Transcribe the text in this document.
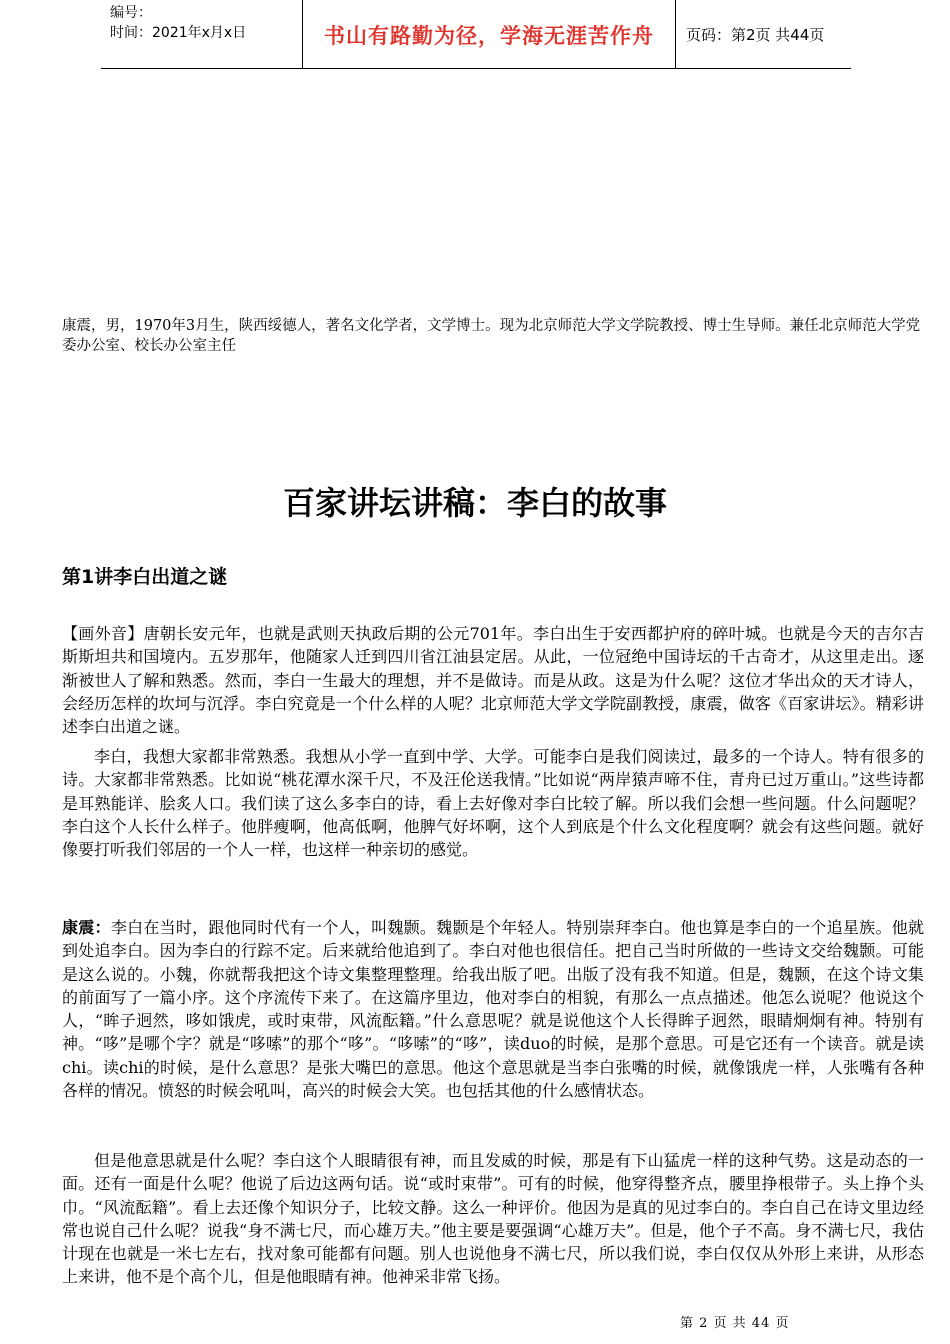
编号：
时间：2021年x月x日	书山有路勤为径，学海无涯苦作舟	页码：第2页 共44页
康震，男，1970年3月生，陕西绥德人，著名文化学者，文学博士。现为北京师范大学文学院教授、博士生导师。兼任北京师范大学党委办公室、校长办公室主任
百家讲坛讲稿：李白的故事
第1讲李白出道之谜
【画外音】唐朝长安元年，也就是武则天执政后期的公元701年。李白出生于安西都护府的碎叶城。也就是今天的吉尔吉斯斯坦共和国境内。五岁那年，他随家人迁到四川省江油县定居。从此，一位冠绝中国诗坛的千古奇才，从这里走出。逐渐被世人了解和熟悉。然而，李白一生最大的理想，并不是做诗。而是从政。这是为什么呢？这位才华出众的天才诗人，会经历怎样的坎坷与沉浮。李白究竟是一个什么样的人呢？北京师范大学文学院副教授，康震，做客《百家讲坛》。精彩讲述李白出道之谜。
李白，我想大家都非常熟悉。我想从小学一直到中学、大学。可能李白是我们阅读过，最多的一个诗人。特有很多的诗。大家都非常熟悉。比如说“桃花潭水深千尺，不及汪伦送我情。”比如说“两岸猿声啼不住，青舟已过万重山。”这些诗都是耳熟能详、脍炙人口。我们读了这么多李白的诗，看上去好像对李白比较了解。所以我们会想一些问题。什么问题呢？李白这个人长什么样子。他胖瘦啊，他高低啊，他脾气好坏啊，这个人到底是个什么文化程度啊？就会有这些问题。就好像要打听我们邻居的一个人一样，也这样一种亲切的感觉。
康震：李白在当时，跟他同时代有一个人，叫魏颢。魏颢是个年轻人。特别崇拜李白。他也算是李白的一个追星族。他就到处追李白。因为李白的行踪不定。后来就给他追到了。李白对他也很信任。把自己当时所做的一些诗文交给魏颢。可能是这么说的。小魏，你就帮我把这个诗文集整理整理。给我出版了吧。出版了没有我不知道。但是，魏颢，在这个诗文集的前面写了一篇小序。这个序流传下来了。在这篇序里边，他对李白的相貌，有那么一点点描述。他怎么说呢？他说这个人，“眸子迥然，哆如饿虎，或时束带，风流酝籍。”什么意思呢？就是说他这个人长得眸子迥然，眼睛炯炯有神。特别有神。“哆”是哪个字？就是“哆嗦”的那个“哆”。“哆嗦”的“哆”，读duo的时候，是那个意思。可是它还有一个读音。就是读chi。读chi的时候，是什么意思？是张大嘴巴的意思。他这个意思就是当李白张嘴的时候，就像饿虎一样，人张嘴有各种各样的情况。愤怒的时候会吼叫，高兴的时候会大笑。也包括其他的什么感情状态。
但是他意思就是什么呢？李白这个人眼睛很有神，而且发威的时候，那是有下山猛虎一样的这种气势。这是动态的一面。还有一面是什么呢？他说了后边这两句话。说“或时束带”。可有的时候，他穿得整齐点，腰里挣根带子。头上挣个头巾。“风流酝籍”。看上去还像个知识分子，比较文静。这么一种评价。他因为是真的见过李白的。李白自己在诗文里边经常也说自己什么呢？说我“身不满七尺，而心雄万夫。”他主要是要强调“心雄万夫”。但是，他个子不高。身不满七尺，我估计现在也就是一米七左右，找对象可能都有问题。别人也说他身不满七尺，所以我们说，李白仅仅从外形上来讲，从形态上来讲，他不是个高个儿，但是他眼睛有神。他神采非常飞扬。
第 2 页 共 44 页
